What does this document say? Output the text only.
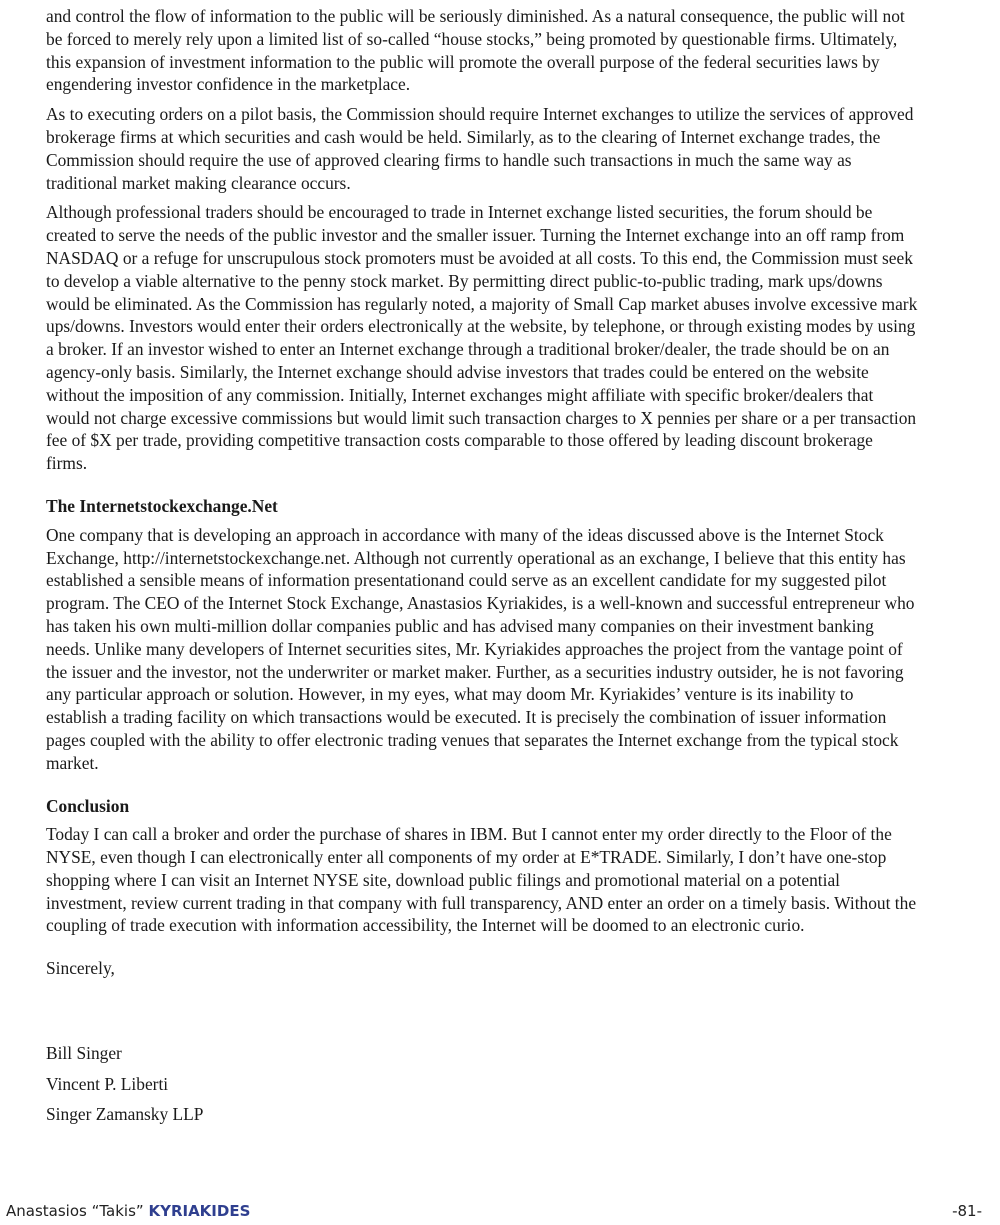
and control the flow of information to the public will be seriously diminished. As a natural consequence, the public will not be forced to merely rely upon a limited list of so-called “house stocks,” being promoted by questionable firms. Ultimately, this expansion of investment information to the public will promote the overall purpose of the federal securities laws by engendering investor confidence in the marketplace.

As to executing orders on a pilot basis, the Commission should require Internet exchanges to utilize the services of approved brokerage firms at which securities and cash would be held. Similarly, as to the clearing of Internet exchange trades, the Commission should require the use of approved clearing firms to handle such transactions in much the same way as traditional market making clearance occurs.

Although professional traders should be encouraged to trade in Internet exchange listed securities, the forum should be created to serve the needs of the public investor and the smaller issuer. Turning the Internet exchange into an off ramp from NASDAQ or a refuge for unscrupulous stock promoters must be avoided at all costs. To this end, the Commission must seek to develop a viable alternative to the penny stock market. By permitting direct public-to-public trading, mark ups/downs would be eliminated. As the Commission has regularly noted, a majority of Small Cap market abuses involve excessive mark ups/downs. Investors would enter their orders electronically at the website, by telephone, or through existing modes by using a broker. If an investor wished to enter an Internet exchange through a traditional broker/dealer, the trade should be on an agency-only basis. Similarly, the Internet exchange should advise investors that trades could be entered on the website without the imposition of any commission. Initially, Internet exchanges might affiliate with specific broker/dealers that would not charge excessive commissions but would limit such transaction charges to X pennies per share or a per transaction fee of $X per trade, providing competitive transaction costs comparable to those offered by leading discount brokerage firms.

The Internetstockexchange.Net

One company that is developing an approach in accordance with many of the ideas discussed above is the Internet Stock Exchange, http://internetstockexchange.net. Although not currently operational as an exchange, I believe that this entity has established a sensible means of information presentationand could serve as an excellent candidate for my suggested pilot program. The CEO of the Internet Stock Exchange, Anastasios Kyriakides, is a well-known and successful entrepreneur who has taken his own multi-million dollar companies public and has advised many companies on their investment banking needs. Unlike many developers of Internet securities sites, Mr. Kyriakides approaches the project from the vantage point of the issuer and the investor, not the underwriter or market maker. Further, as a securities industry outsider, he is not favoring any particular approach or solution. However, in my eyes, what may doom Mr. Kyriakides’ venture is its inability to establish a trading facility on which transactions would be executed. It is precisely the combination of issuer information pages coupled with the ability to offer electronic trading venues that separates the Internet exchange from the typical stock market.

Conclusion

Today I can call a broker and order the purchase of shares in IBM. But I cannot enter my order directly to the Floor of the NYSE, even though I can electronically enter all components of my order at E*TRADE. Similarly, I don’t have one-stop shopping where I can visit an Internet NYSE site, download public filings and promotional material on a potential investment, review current trading in that company with full transparency, AND enter an order on a timely basis. Without the coupling of trade execution with information accessibility, the Internet will be doomed to an electronic curio.

Sincerely,

Bill Singer

Vincent P. Liberti

Singer Zamansky LLP

Anastasios “Takis” KYRIAKIDES	-81-
